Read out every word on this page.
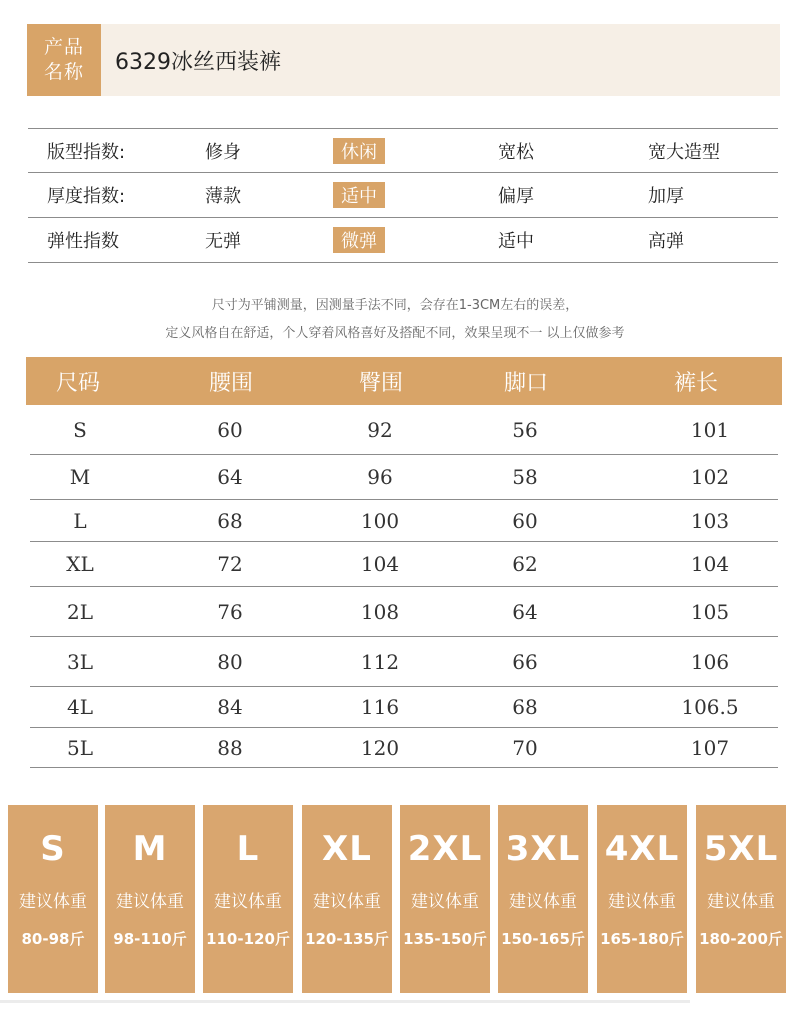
产品
名称 6329冰丝西装裤
版型指数:	修身	休闲	宽松	宽大造型
厚度指数:	薄款	适中	偏厚	加厚
弹性指数	无弹	微弹	适中	高弹
尺寸为平铺测量，因测量手法不同，会存在1-3CM左右的误差，
定义风格自在舒适，个人穿着风格喜好及搭配不同，效果呈现不一 以上仅做参考
尺码	腰围	臀围	脚口	裤长
S	60	92	56	101
M	64	96	58	102
L	68	100	60	103
XL	72	104	62	104
2L	76	108	64	105
3L	80	112	66	106
4L	84	116	68	106.5
5L	88	120	70	107
S
建议体重
80-98斤
M
建议体重
98-110斤
L
建议体重
110-120斤
XL
建议体重
120-135斤
2XL
建议体重
135-150斤
3XL
建议体重
150-165斤
4XL
建议体重
165-180斤
5XL
建议体重
180-200斤
